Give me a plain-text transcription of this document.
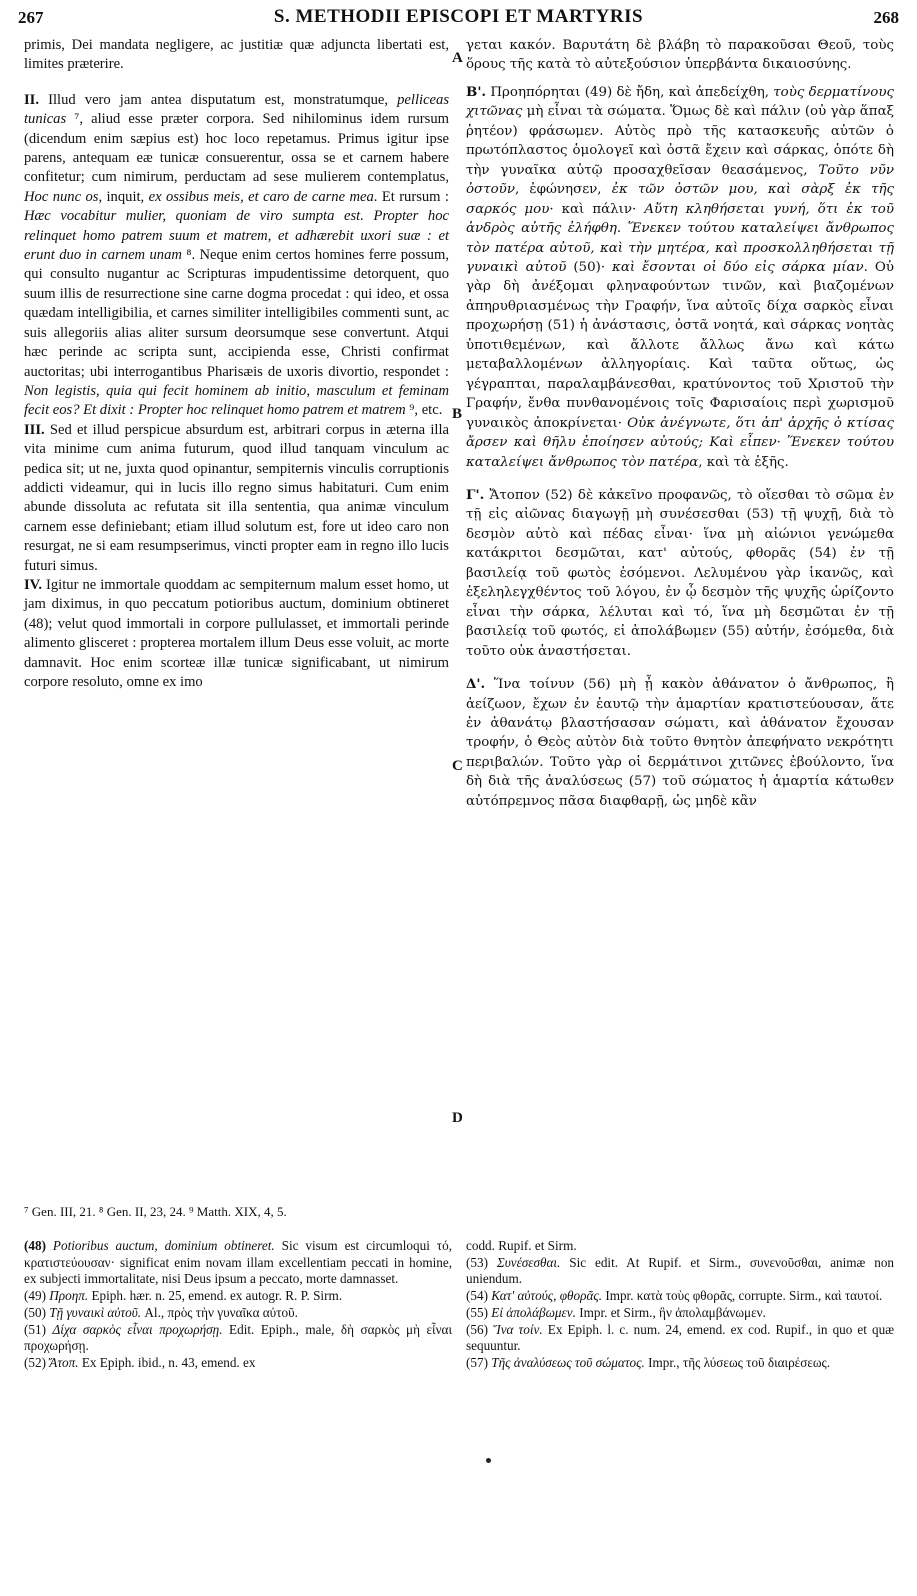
267	S. METHODII EPISCOPI ET MARTYRIS	268

primis, Dei mandata negligere, ac justitiæ quæ adjuncta libertati est, limites præterire.

II. Illud vero jam antea disputatum est, monstratumque, pelliceas tunicas ⁷, aliud esse præter corpora. Sed nihilominus idem rursum (dicendum enim sæpius est) hoc loco repetamus. Primus igitur ipse parens, antequam eæ tunicæ consuerentur, ossa se et carnem habere confitetur; cum nimirum, perductam ad sese mulierem contemplatus, Hoc nunc os, inquit, ex ossibus meis, et caro de carne mea. Et rursum : Hæc vocabitur mulier, quoniam de viro sumpta est. Propter hoc relinquet homo patrem suum et matrem, et adhærebit uxori suæ : et erunt duo in carnem unam ⁸. Neque enim certos homines ferre possum, qui consulto nugantur ac Scripturas impudentissime detorquent, quo suum illis de resurrectione sine carne dogma procedat : qui ideo, et ossa quædam intelligibilia, et carnes similiter intelligibiles commenti sunt, ac suis allegoriis alias aliter sursum deorsumque sese convertunt. Atqui hæc perinde ac scripta sunt, accipienda esse, Christi confirmat auctoritas; ubi interrogantibus Pharisæis de uxoris divortio, respondet : Non legistis, quia qui fecit hominem ab initio, masculum et feminam fecit eos? Et dixit : Propter hoc relinquet homo patrem et matrem ⁹, etc.

III. Sed et illud perspicue absurdum est, arbitrari corpus in æterna illa vita minime cum anima futurum, quod illud tanquam vinculum ac pedica sit; ut ne, juxta quod opinantur, sempiternis vinculis corruptionis addicti videamur, qui in lucis illo regno simus habitaturi. Cum enim abunde dissoluta ac refutata sit illa sententia, qua animæ vinculum carnem esse definiebant; etiam illud solutum est, fore ut ideo caro non resurgat, ne si eam resumpserimus, vincti propter eam in regno illo lucis futuri simus.

IV. Igitur ne immortale quoddam ac sempiternum malum esset homo, ut jam diximus, in quo peccatum potioribus auctum, dominium obtineret (48); velut quod immortali in corpore pullulasset, et immortali perinde alimento glisceret : propterea mortalem illum Deus esse voluit, ac morte damnavit. Hoc enim scorteæ illæ tunicæ significabant, ut nimirum corpore resoluto, omne ex imo

A
B
C
D

γεται κακόν. Βαρυτάτη δὲ βλάβη τὸ παρακοῦσαι Θεοῦ, τοὺς ὅρους τῆς κατὰ τὸ αὐτεξούσιον ὑπερβάντα δικαιοσύνης.

Β'. Προηπόρηται (49) δὲ ἤδη, καὶ ἀπεδείχθη, τοὺς δερματίνους χιτῶνας μὴ εἶναι τὰ σώματα. Ὅμως δὲ καὶ πάλιν (οὐ γὰρ ἅπαξ ῥητέον) φράσωμεν. Αὐτὸς πρὸ τῆς κατασκευῆς αὐτῶν ὁ πρωτόπλαστος ὁμολογεῖ καὶ ὀστᾶ ἔχειν καὶ σάρκας, ὁπότε δὴ τὴν γυναῖκα αὐτῷ προσαχθεῖσαν θεασάμενος, Τοῦτο νῦν ὀστοῦν, ἐφώνησεν, ἐκ τῶν ὀστῶν μου, καὶ σὰρξ ἐκ τῆς σαρκός μου· καὶ πάλιν· Αὕτη κληθήσεται γυνή, ὅτι ἐκ τοῦ ἀνδρὸς αὐτῆς ἐλήφθη. Ἕνεκεν τούτου καταλείψει ἄνθρωπος τὸν πατέρα αὐτοῦ, καὶ τὴν μητέρα, καὶ προσκολληθήσεται τῇ γυναικὶ αὐτοῦ (50)· καὶ ἔσονται οἱ δύο εἰς σάρκα μίαν. Οὐ γὰρ δὴ ἀνέξομαι φληναφούντων τινῶν, καὶ βιαζομένων ἀπηρυθριασμένως τὴν Γραφήν, ἵνα αὐτοῖς δίχα σαρκὸς εἶναι προχωρήσῃ (51) ἡ ἀνάστασις, ὀστᾶ νοητά, καὶ σάρκας νοητὰς ὑποτιθεμένων, καὶ ἄλλοτε ἄλλως ἄνω καὶ κάτω μεταβαλλομένων ἀλληγορίαις. Καὶ ταῦτα οὕτως, ὡς γέγραπται, παραλαμβάνεσθαι, κρατύνοντος τοῦ Χριστοῦ τὴν Γραφήν, ἔνθα πυνθανομένοις τοῖς Φαρισαίοις περὶ χωρισμοῦ γυναικὸς ἀποκρίνεται· Οὐκ ἀνέγνωτε, ὅτι ἀπ' ἀρχῆς ὁ κτίσας ἄρσεν καὶ θῆλυ ἐποίησεν αὐτούς; Καὶ εἶπεν· Ἕνεκεν τούτου καταλείψει ἄνθρωπος τὸν πατέρα, καὶ τὰ ἑξῆς.

Γ'. Ἄτοπον (52) δὲ κἀκεῖνο προφανῶς, τὸ οἴεσθαι τὸ σῶμα ἐν τῇ εἰς αἰῶνας διαγωγῇ μὴ συνέσεσθαι (53) τῇ ψυχῇ, διὰ τὸ δεσμὸν αὐτὸ καὶ πέδας εἶναι· ἵνα μὴ αἰώνιοι γενώμεθα κατάκριτοι δεσμῶται, κατ' αὐτούς, φθορᾶς (54) ἐν τῇ βασιλείᾳ τοῦ φωτὸς ἐσόμενοι. Λελυμένου γὰρ ἱκανῶς, καὶ ἐξεληλεγχθέντος τοῦ λόγου, ἐν ᾧ δεσμὸν τῆς ψυχῆς ὡρίζοντο εἶναι τὴν σάρκα, λέλυται καὶ τό, ἵνα μὴ δεσμῶται ἐν τῇ βασιλείᾳ τοῦ φωτός, εἰ ἀπολάβωμεν (55) αὐτήν, ἐσόμεθα, διὰ τοῦτο οὐκ ἀναστήσεται.

Δ'. Ἵνα τοίνυν (56) μὴ ᾖ κακὸν ἀθάνατον ὁ ἄνθρωπος, ἢ ἀείζωον, ἔχων ἐν ἑαυτῷ τὴν ἁμαρτίαν κρατιστεύουσαν, ἅτε ἐν ἀθανάτῳ βλαστήσασαν σώματι, καὶ ἀθάνατον ἔχουσαν τροφήν, ὁ Θεὸς αὐτὸν διὰ τοῦτο θνητὸν ἀπεφήνατο νεκρότητι περιβαλών. Τοῦτο γὰρ οἱ δερμάτινοι χιτῶνες ἐβούλοντο, ἵνα δὴ διὰ τῆς ἀναλύσεως (57) τοῦ σώματος ἡ ἁμαρτία κάτωθεν αὐτόπρεμνος πᾶσα διαφθαρῇ, ὡς μηδὲ κἂν

⁷ Gen. III, 21. ⁸ Gen. II, 23, 24. ⁹ Matth. XIX, 4, 5.

(48) Potioribus auctum, dominium obtineret. Sic visum est circumloqui τό, κρατιστεύουσαν· significat enim novam illam excellentiam peccati in homine, ex subjecti immortalitate, nisi Deus ipsum a peccato, morte damnasset.

(49) Προηπ. Epiph. hær. n. 25, emend. ex autogr. R. P. Sirm.

(50) Τῇ γυναικὶ αὐτοῦ. Al., πρὸς τὴν γυναῖκα αὐτοῦ.

(51) Δίχα σαρκὸς εἶναι προχωρήσῃ. Edit. Epiph., male, δὴ σαρκὸς μὴ εἶναι προχωρήσῃ.

(52) Ἄτοπ. Ex Epiph. ibid., n. 43, emend. ex

codd. Rupif. et Sirm.

(53) Συνέσεσθαι. Sic edit. At Rupif. et Sirm., συνενοῦσθαι, animæ non uniendum.

(54) Κατ' αὐτούς, φθορᾶς. Impr. κατὰ τοὺς φθορᾶς, corrupte. Sirm., καὶ ταυτοί.

(55) Εἰ ἀπολάβωμεν. Impr. et Sirm., ἣν ἀπολαμβάνωμεν.

(56) Ἵνα τοίν. Ex Epiph. l. c. num. 24, emend. ex cod. Rupif., in quo et quæ sequuntur.

(57) Τῆς ἀναλύσεως τοῦ σώματος. Impr., τῆς λύσεως τοῦ διαιρέσεως.
